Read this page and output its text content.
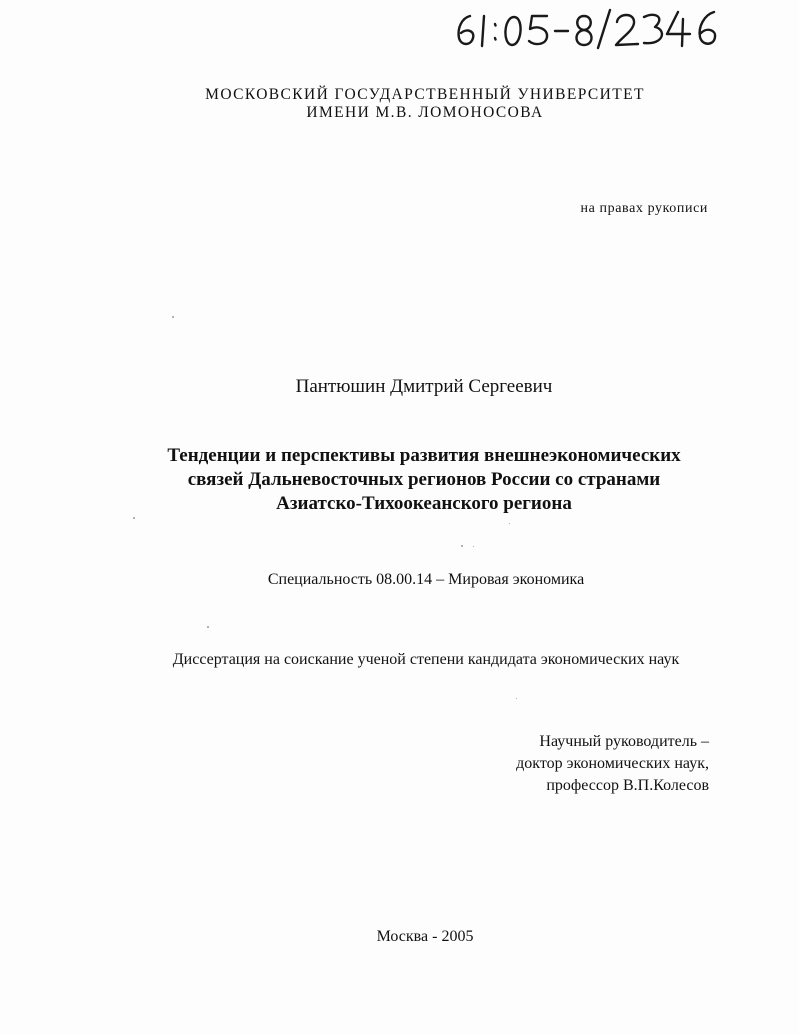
МОСКОВСКИЙ ГОСУДАРСТВЕННЫЙ УНИВЕРСИТЕТ
ИМЕНИ М.В. ЛОМОНОСОВА
на правах рукописи
Пантюшин Дмитрий Сергеевич
Тенденции и перспективы развития внешнеэкономических
связей Дальневосточных регионов России со странами
Азиатско-Тихоокеанского региона
Специальность 08.00.14 – Мировая экономика
Диссертация на соискание ученой степени кандидата экономических наук
Научный руководитель –
доктор экономических наук,
профессор В.П.Колесов
Москва - 2005
